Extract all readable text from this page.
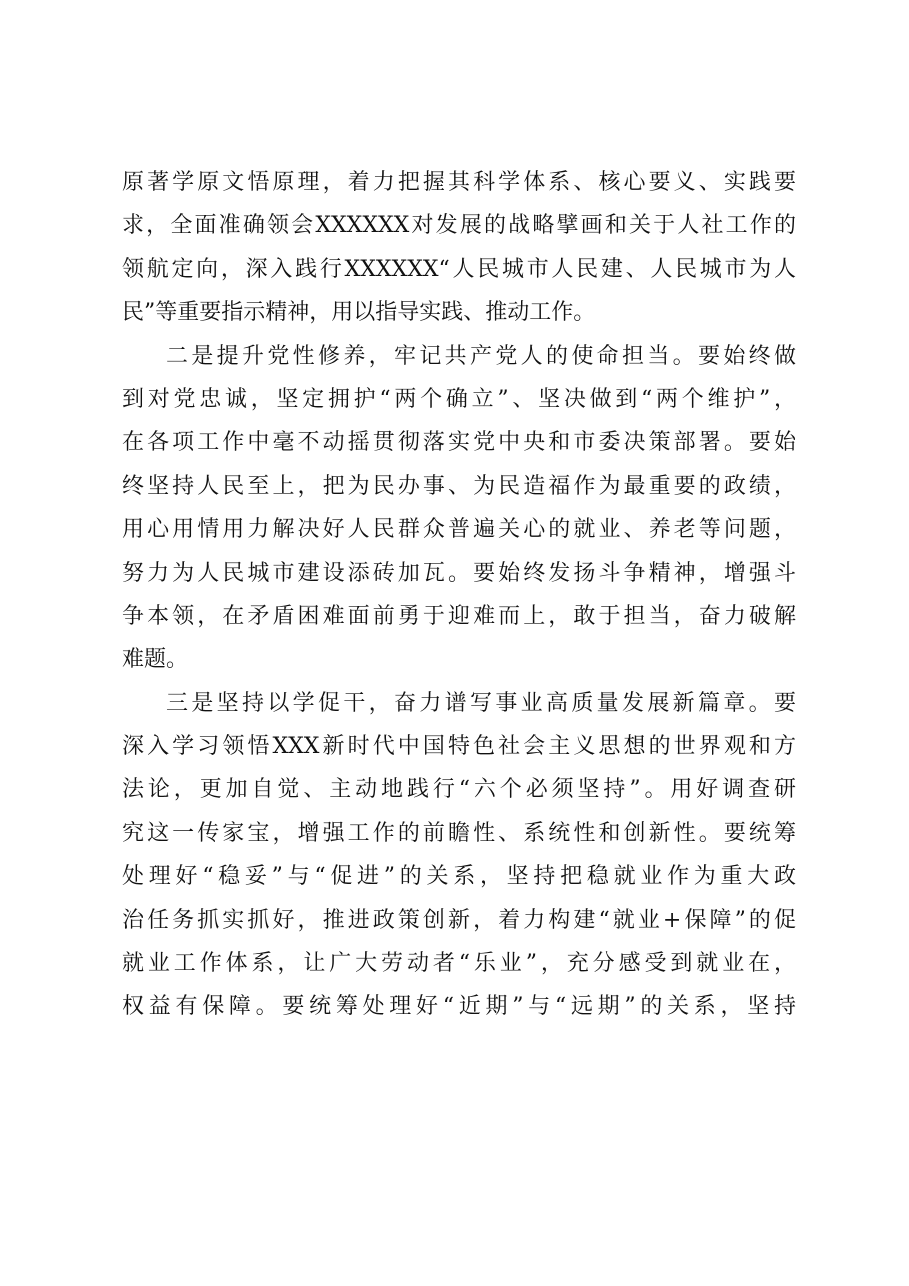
原著学原文悟原理，着力把握其科学体系、核心要义、实践要
求，全面准确领会XXXXXX对发展的战略擘画和关于人社工作的
领航定向，深入践行XXXXXX“人民城市人民建、人民城市为人
民”等重要指示精神，用以指导实践、推动工作。
二是提升党性修养，牢记共产党人的使命担当。要始终做
到对党忠诚，坚定拥护“两个确立”、坚决做到“两个维护”，
在各项工作中毫不动摇贯彻落实党中央和市委决策部署。要始
终坚持人民至上，把为民办事、为民造福作为最重要的政绩，
用心用情用力解决好人民群众普遍关心的就业、养老等问题，
努力为人民城市建设添砖加瓦。要始终发扬斗争精神，增强斗
争本领，在矛盾困难面前勇于迎难而上，敢于担当，奋力破解
难题。
三是坚持以学促干，奋力谱写事业高质量发展新篇章。要
深入学习领悟XXX新时代中国特色社会主义思想的世界观和方
法论，更加自觉、主动地践行“六个必须坚持”。用好调查研
究这一传家宝，增强工作的前瞻性、系统性和创新性。要统筹
处理好“稳妥”与“促进”的关系，坚持把稳就业作为重大政
治任务抓实抓好，推进政策创新，着力构建“就业+保障”的促
就业工作体系，让广大劳动者“乐业”，充分感受到就业在，
权益有保障。要统筹处理好“近期”与“远期”的关系，坚持
